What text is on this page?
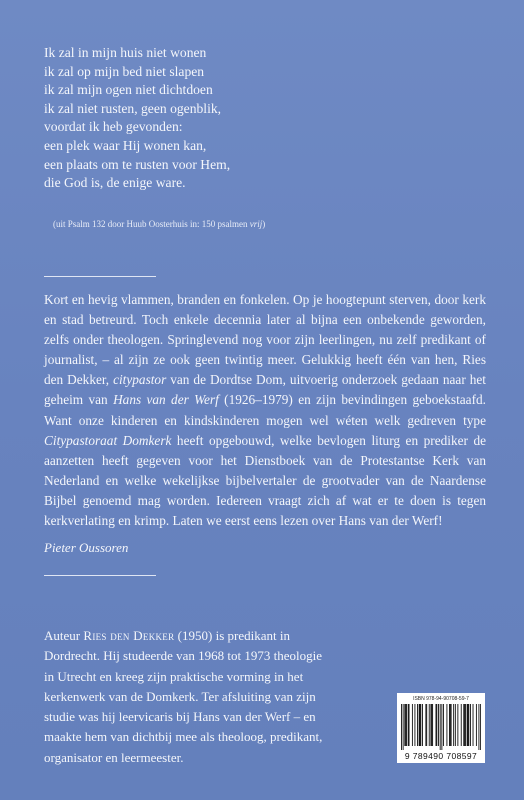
Ik zal in mijn huis niet wonen
ik zal op mijn bed niet slapen
ik zal mijn ogen niet dichtdoen
ik zal niet rusten, geen ogenblik,
voordat ik heb gevonden:
een plek waar Hij wonen kan,
een plaats om te rusten voor Hem,
die God is, de enige ware.
(uit Psalm 132 door Huub Oosterhuis in: 150 psalmen vrij)
Kort en hevig vlammen, branden en fonkelen. Op je hoogtepunt sterven, door kerk en stad betreurd. Toch enkele decennia later al bijna een onbekende geworden, zelfs onder theologen. Springlevend nog voor zijn leerlingen, nu zelf predikant of journalist, – al zijn ze ook geen twintig meer. Gelukkig heeft één van hen, Ries den Dekker, citypastor van de Dordtse Dom, uitvoerig onderzoek gedaan naar het geheim van Hans van der Werf (1926–1979) en zijn bevindingen geboekstaafd. Want onze kinderen en kindskinderen mogen wel wéten welk gedreven type Citypastoraat Domkerk heeft opgebouwd, welke bevlogen liturg en prediker de aanzetten heeft gegeven voor het Dienstboek van de Protestantse Kerk van Nederland en welke wekelijkse bijbelvertaler de grootvader van de Naardense Bijbel genoemd mag worden. Iedereen vraagt zich af wat er te doen is tegen kerkverlating en krimp. Laten we eerst eens lezen over Hans van der Werf!
Pieter Oussoren
Auteur Ries den Dekker (1950) is predikant in
Dordrecht. Hij studeerde van 1968 tot 1973 theologie
in Utrecht en kreeg zijn praktische vorming in het
kerkenwerk van de Domkerk. Ter afsluiting van zijn
studie was hij leervicaris bij Hans van der Werf – en
maakte hem van dichtbij mee als theoloog, predikant,
organisator en leermeester.
ISBN 978-94-90708-59-7
9 789490 708597
